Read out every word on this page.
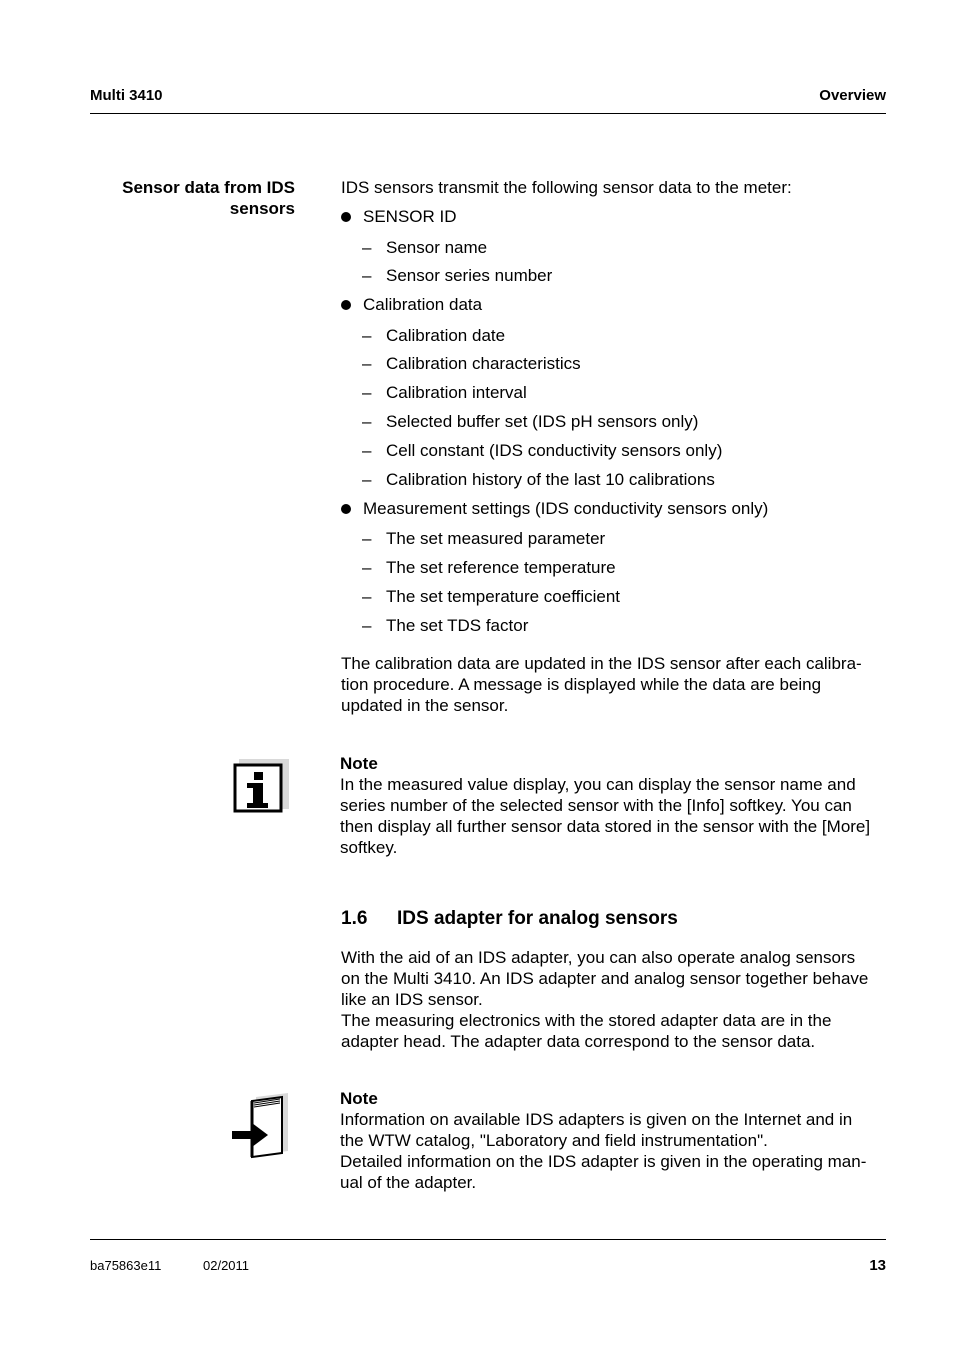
Multi 3410	Overview
Sensor data from IDS
sensors
IDS sensors transmit the following sensor data to the meter:
SENSOR ID
– Sensor name
– Sensor series number
Calibration data
– Calibration date
– Calibration characteristics
– Calibration interval
– Selected buffer set (IDS pH sensors only)
– Cell constant (IDS conductivity sensors only)
– Calibration history of the last 10 calibrations
Measurement settings (IDS conductivity sensors only)
– The set measured parameter
– The set reference temperature
– The set temperature coefficient
– The set TDS factor
The calibration data are updated in the IDS sensor after each calibra-
tion procedure. A message is displayed while the data are being
updated in the sensor.
Note
In the measured value display, you can display the sensor name and
series number of the selected sensor with the [Info] softkey. You can
then display all further sensor data stored in the sensor with the [More]
softkey.
1.6 IDS adapter for analog sensors
With the aid of an IDS adapter, you can also operate analog sensors
on the Multi 3410. An IDS adapter and analog sensor together behave
like an IDS sensor.
The measuring electronics with the stored adapter data are in the
adapter head. The adapter data correspond to the sensor data.
Note
Information on available IDS adapters is given on the Internet and in
the WTW catalog, "Laboratory and field instrumentation".
Detailed information on the IDS adapter is given in the operating man-
ual of the adapter.
ba75863e11	02/2011	13
